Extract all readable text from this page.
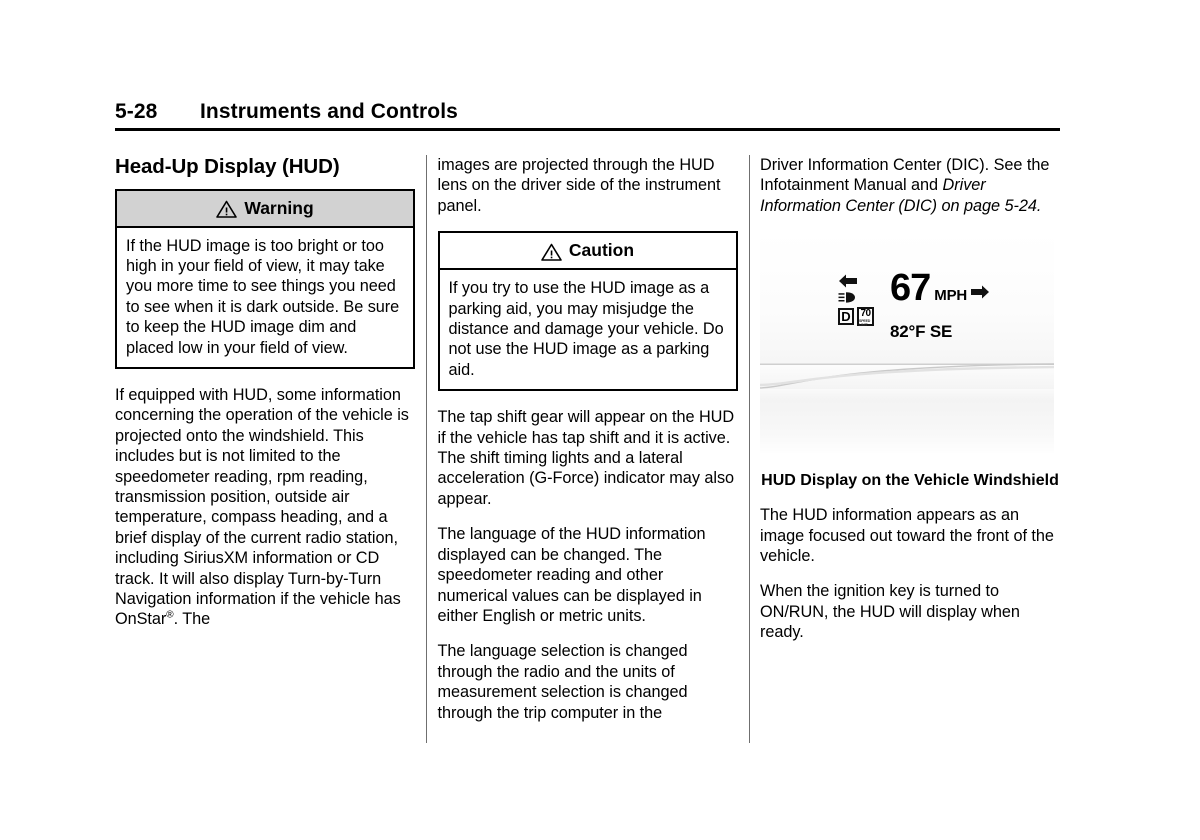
5-28	Instruments and Controls
Head-Up Display (HUD)
Warning
If the HUD image is too bright or too high in your field of view, it may take you more time to see things you need to see when it is dark outside. Be sure to keep the HUD image dim and placed low in your field of view.

If equipped with HUD, some information concerning the operation of the vehicle is projected onto the windshield. This includes but is not limited to the speedometer reading, rpm reading, transmission position, outside air temperature, compass heading, and a brief display of the current radio station, including SiriusXM information or CD track. It will also display Turn-by-Turn Navigation information if the vehicle has OnStar®. The

images are projected through the HUD lens on the driver side of the instrument panel.

Caution
If you try to use the HUD image as a parking aid, you may misjudge the distance and damage your vehicle. Do not use the HUD image as a parking aid.

The tap shift gear will appear on the HUD if the vehicle has tap shift and it is active. The shift timing lights and a lateral acceleration (G-Force) indicator may also appear.

The language of the HUD information displayed can be changed. The speedometer reading and other numerical values can be displayed in either English or metric units.

The language selection is changed through the radio and the units of measurement selection is changed through the trip computer in the

Driver Information Center (DIC). See the Infotainment Manual and Driver Information Center (DIC) on page 5-24.

D 70
SPEED LIMIT
67 MPH
82°F SE
HUD Display on the Vehicle Windshield

The HUD information appears as an image focused out toward the front of the vehicle.

When the ignition key is turned to ON/RUN, the HUD will display when ready.
